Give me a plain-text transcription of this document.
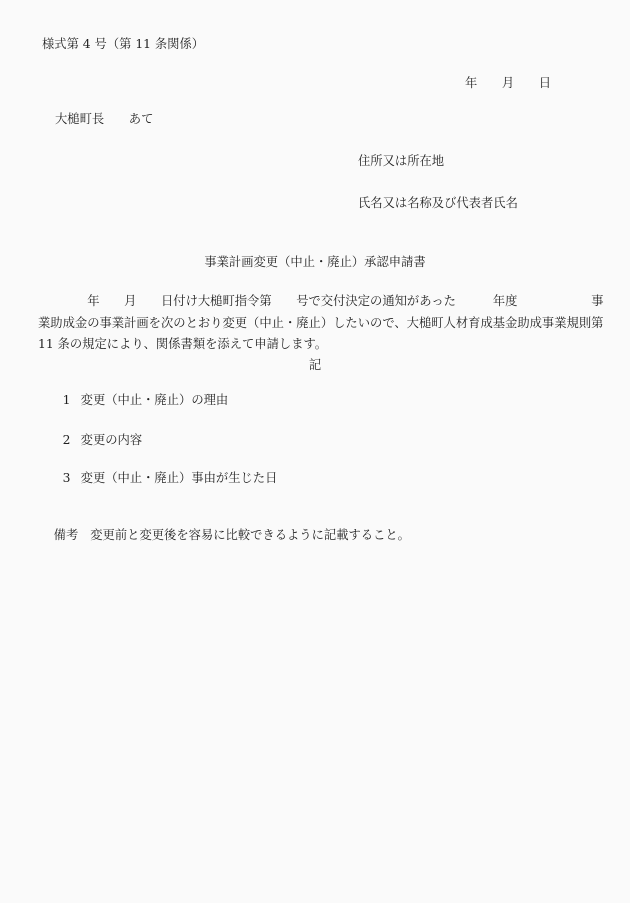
様式第 4 号（第 11 条関係）
年　　月　　日
大槌町長　　あて
住所又は所在地
氏名又は名称及び代表者氏名
事業計画変更（中止・廃止）承認申請書
　　　　年　　月　　日付け大槌町指令第　　号で交付決定の通知があった　　　年度　　　　　　事
業助成金の事業計画を次のとおり変更（中止・廃止）したいので、大槌町人材育成基金助成事業規則第
11 条の規定により、関係書類を添えて申請します。
記

1 変更（中止・廃止）の理由

2 変更の内容

3 変更（中止・廃止）事由が生じた日

備考 変更前と変更後を容易に比較できるように記載すること。
